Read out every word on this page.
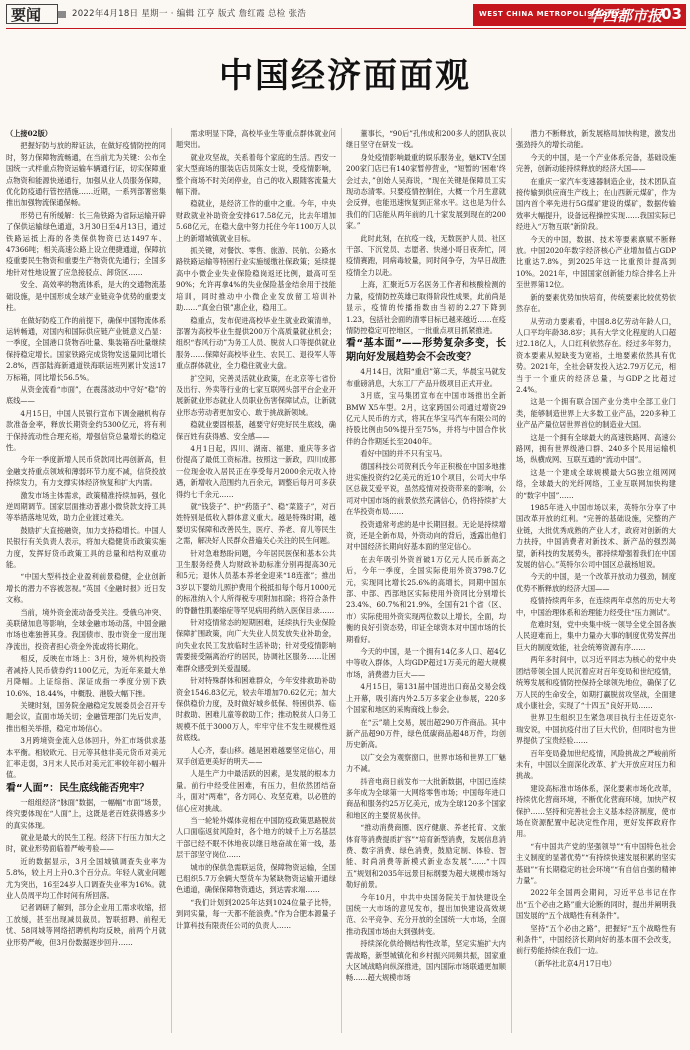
要闻	2022年4月18日 星期一 · 编辑 江亨 版式 詹红霞 总检 张浩	WEST CHINA METROPOLIS DAILY
华西都市报 03
中国经济面面观

（上接02版）

把握好防与放的辩证法，在做好疫情防控的同时，努力保障物流畅通，在当前尤为关键：公布全国统一式样重点物资运输车辆通行证，切实保障重点物资和能源快递通行，加强从业人员服务保障，优化防疫通行管控措施……近期，一系列部署密集推出加强物流保通保畅。

形势已有所缓解：长三角铁路为省际运输开辟了保供运输绿色通道，3月30日至4月13日，通过铁路运抵上海的各类保供物资已达1497车、47366吨；相关高速公路上设立便捷通道，保障抗疫重要民生物资和重要生产物资优先通行；全国多地针对性地设置了应急接驳点、卸货区……

安全、高效率的物流体系，是大的交通物流基础设施，是中国形成全球产业链竞争优势的重要支柱。

在做好防疫工作的前提下，确保中国物流体系运转畅通，对国内和国际供应链产业链意义凸显：一季度，全国港口货物吞吐量、集装箱吞吐量继续保持稳定增长。国家铁路完成货物发送量同比增长2.8%，西部陆海新通道铁海联运班列累计发送17万标箱，同比增长56.5%。

从资金流看“市面”，在震荡波动中守好“稳”的底线——

4月15日，中国人民银行宣布下调金融机构存款准备金率，释放长期资金约5300亿元，将有利于保持流动性合理充裕，增强信贷总量增长的稳定性。

今年一季度新增人民币贷款同比再创新高，但金融支持重点领域和薄弱环节力度不减，信贷投放持续发力，有力支撑实体经济恢复和扩大内需。

激发市场主体需求，政策精准持续加码，强化逆周期调节。国家层面推动普惠小微贷款支持工具等举措落地见效，助力企业渡过难关。

鼓励扩大直接融资，加力支持稳增长。中国人民银行有关负责人表示，将加大稳健货币政策实施力度，发挥好货币政策工具的总量和结构双重功能。

“中国大型科技企业盈利前景稳健，企业创新增长的潜力不容被忽视。”英国《金融时报》近日发文称。

当前，境外资金流动备受关注。受俄乌冲突、美联储加息等影响，全球金融市场动荡，中国金融市场也难独善其身。我国债市、股市资金一度出现净流出，投资者担心资金外流或将长期化。

相反，反映在市场上：3月份，境外机构投资者减持人民币债券约1100亿元，为近年来最大单月降幅。上证综指、深证成指一季度分别下跌10.6%、18.44%，中概股、港股大幅下挫。

关键时刻，国务院金融稳定发展委员会召开专题会议，直面市场关切；金融管理部门先后发声，推出相关举措，稳定市场信心。

3月跨境资金流入总体回升，外汇市场供求基本平衡。相较欧元、日元等其他非美元货币对美元汇率走弱，3月末人民币对美元汇率较年初小幅升值。

看“人面”：民生底线能否兜牢？

一组组经济“脉面”数据，一幅幅“市面”场景，终究要体现在“人面”上，这既是老百姓获得感多少的真实体现。

就业是最大的民生工程。经济下行压力加大之时，就业形势面临着严峻考验——

近的数据显示，3月全国城镇调查失业率为5.8%，较上月上升0.3个百分点。年轻人就业问题尤为突出，16至24岁人口调查失业率为16%。就业人员周平均工作时间有所回落。

记者调研了解到，部分企业用工需求收缩，招工放缓，甚至出现减员裁员。智联招聘、前程无忧、58同城等网络招聘机构均反映，前两个月就业形势严峻，但3月份数据逐步回升……

需求明显下降，高校毕业生等重点群体就业问题突出。

就业攻坚战，关系着每个家庭的生活。西安一家大型商场的服装店店员陈女士说，受疫情影响，整个商场不时关闭停业，自己的收入跟随客流量大幅下滑。

稳就业，是经济工作的重中之重。今年，中央财政就业补助资金安排617.58亿元，比去年增加5.68亿元，在稳大盘中努力托住今年1100万人以上的新增城镇就业目标。

抓关键，对餐饮、零售、旅游、民航、公路水路铁路运输等特困行业实施缓缴社保政策；延续提高中小微企业失业保险稳岗返还比例，最高可至90%；允许再拿4%的失业保险基金结余用于技能培训，同时推动中小微企业发放留工培训补助……“真金白银”惠企业，稳用工。

稳重点，发布促进高校毕业生就业政策清单，部署为高校毕业生提供200万个高质量就业机会；组织“春风行动”为务工人员、脱贫人口等提供就业服务……保障好高校毕业生、农民工、退役军人等重点群体就业，全力稳住就业大盘。

扩空间，完善灵活就业政策，在北京等七省份及出行、外卖等行业的七家互联网头部平台企业开展新就业形态就业人员职业伤害保障试点，让新就业形态劳动者更加安心、敢于挑战新领域。

稳就业要固根基，越要守好兜好民生底线，确保百姓有获得感、安全感——

4月1日起，四川、湖南、福建、重庆等多省份提高了最低工资标准。按照这一新政，四川成都一位现金收入居民正在享受每月2000余元收入待遇，新增收入范围约九百余元，调整后每月可多获得约七千余元……

就“钱袋子”、护“药篮子”、稳“菜篮子”，对百姓特别是低收入群体意义重大。越是特殊时期，越要切实保障和改善民生，医疗、养老、育儿等民生之需，解决好人民群众普遍关心关注的民生问题。

针对急难愁盼问题，今年居民医保和基本公共卫生服务经费人均财政补助标准分别再提高30元和5元；退休人员基本养老金迎来“18连涨”；推出3岁以下婴幼儿照护费用个税抵扣每个每月1000元的标准纳入个人所得税专项附加扣除；将符合条件的脊髓性肌萎缩症等罕见病用药纳入医保目录……

针对疫情常态的短期困难，延续执行失业保险保障扩围政策，向广大失业人员发放失业补助金，向失业农民工发放临时生活补助；针对受疫情影响需要接受隔离治疗的居民，协调社区服务……让困难群众感受到关爱温暖。

针对特殊群体和困难群众，今年安排救助补助资金1546.83亿元，较去年增加70.62亿元；加大保供稳价力度，及时做好城乡低保、特困供养、临时救助、困难儿童等救助工作；推动脱贫人口务工规模不低于3000万人，牢牢守住不发生规模性返贫底线。

人心齐，泰山移。越是困难越要坚定信心，用双手创造更美好的明天——

人是生产力中最活跃的因素，是发展的根本力量。前行中经受住困难，有压力，但依然团结奋斗，面对“两难”，各方同心、攻坚克难，以必胜的信心应对挑战。

当一轮轮外媒体竞相在中国防疫政策思路脱贫人口面临返贫风险时，各个地方的城千上万名基层干部已经不眠不休地夜以继日地奋战在第一线，基层干部坚守岗位……

城市的保供急需联运货，保障物资运输，全国已组织5.7万余辆大型货车为紧缺物资运输开通绿色通道，确保保障物资通达，到达需求端……

“我们计划到2025年达到1024位量子比特，到同实量，每一天都不能浪费。”作为合肥本源量子计算科技有限责任公司的负责人……

董事长，“90后”孔伟成和200多人的团队夜以继日坚守在研发一线。

身处疫情影响最重的娱乐服务业，魅KTV全国200家门店已有140家暂停营业，“短暂的‘困难’终会过去，”创始人吴海说，“现在关键是保障员工实现动态清零。只要疫情控制住，大概一个月生意就会反弹，也能迅速恢复到正常水平。这也是为什么我们的门店能从两年前的几十家发展到现在的200家。”

此时此刻，在抗疫一线，无数医护人员、社区干部、下沉党员、志愿者、快递小哥日夜奔忙，同疫情赛跑，同病毒较量，同时间争夺，为早日战胜疫情全力以赴。

上海，汇聚近5万名医务工作者和核酸检测的力量，疫情防控英雄已取得阶段性成果，此前尚是显示，疫情的传播指数由当初的2.27下降到1.23，包括社会面的清零目标已越来越近……在疫情防控稳定可控地区，一批重点项目抓紧推进。

看“基本面”——形势复杂多变，长期向好发展趋势会不会改变？

4月14日，沈阳“重启”第二天，华晨宝马就发布重磅消息，大东工厂产品升级项目正式开业。

3月底，宝马集团宣布在中国市场推出全新BMW X5车型。2月，这家跨国公司通过增资29亿元人民币的方式，将其在华宝马汽车有限公司的持股比例由50%提升至75%，并将与中国合作伙伴的合作期延长至2040年。

看好中国的并不只有宝马。

德国科技公司贺利氏今年正积极在中国多地推进实施投资约2亿美元的近10个项目，公司大中华区总裁艾爱平说，虽然疫情对投资带来的影响，公司对中国市场的前景依然充满信心，仍将持续扩大在华投资布局……

投资通常考虑的是中长期回报。无论是持续增资，还是全新布局，外资动向的背后，透露出他们对中国经济长期向好基本面的坚定信心。

在去年吸引外资首破1万亿元人民币新高之后，今年一季度，全国实际使用外资3798.7亿元，实现同比增长25.6%的高增长，同期中国东部、中部、西部地区实际使用外资同比分别增长23.4%、60.7%和21.9%，全国有21个省（区、市）实际使用外资实现两位数以上增长，全面，均衡的良好引资态势，印证全球资本对中国市场的长期看好。

今天的中国，是一个拥有14亿多人口、超4亿中等收入群体，人均GDP超过1万美元的超大规模市场，消费潜力巨大——

4月15日，第131届中国进出口商品交易会线上开幕，吸引海内外2.5万多家企业参展，220多个国家和地区的采购商线上参会。

在“云”端上交易，展出超290万件商品。其中新产品超90万件，绿色低碳商品超48万件，均创历史新高。

以广交会为观察窗口，世界市场和世界工厂魅力不减。

抖音电商日前发布一大批新数据，中国已连续多年成为全球第一大网络零售市场；中国每年进口商品和服务约25万亿美元，成为全球120多个国家和地区的主要贸易伙伴。

“推动消费商圈、医疗健康、养老托育、文旅体育等消费提质扩容”“培育新型消费，发展信息消费、数字消费、绿色消费，鼓励定制、体验、智能、时尚消费等新模式新业态发展”……“十四五”规划和2035年远景目标纲要为超大规模市场勾勒好前景。

今年10月，中共中央国务院关于加快建设全国统一大市场的意见发布，提出加快建设高效规范、公平竞争、充分开放的全国统一大市场，全面推动我国市场由大到强转变。

持续深化供给侧结构性改革，坚定实施扩大内需战略，新型城镇化和乡村振兴同频共振，国家重大区域战略向纵深推进，国内国际市场联通更加顺畅……超大规模市场

潜力不断释放，新发展格局加快构建，激发出强劲持久的增长动能。

今天的中国，是一个产业体系完备，基础设施完善，创新动能持续释放的经济大国——

在重庆一家汽车变速器制造企业，技术团队直接传输到供应商生产线上；在山西新元煤矿，作为国内首个率先进行5G煤矿建设的煤矿，数据传输效率大幅提升，设备远程操控实现……我国实际已经进入“万物互联”新阶段。

今天的中国，数据、技术等要素禀赋不断释放。中国2020年数字经济核心产业增加值占GDP比重达7.8%，到2025年这一比重预计提高到10%。2021年，中国国家创新能力综合排名上升至世界第12位。

新的要素优势加快培育，传统要素比较优势依然存在。

从劳动力要素看，中国8.8亿劳动年龄人口，人口平均年龄38.8岁；具有大学文化程度的人口超过2.18亿人，人口红利依然存在。经过多年努力，资本要素从短缺变为宽裕，土地要素依然具有优势。2021年，全社会研发投入达2.79万亿元，相当于一个重庆的经济总量，与GDP之比超过2.4%。

这是一个拥有联合国产业分类中全部工业门类，能够制造世界上大多数工业产品，220多种工业产品产量位居世界首位的制造业大国。

这是一个拥有全球最大的高速铁路网、高速公路网，拥有世界级港口群、240多个民用运输机场，纵横成网、互联互通的“流动中国”。

这是一个建成全球规模最大5G独立组网网络，全球最大的光纤网络，工业互联网加快构建的“数字中国”……

1985年进入中国市场以来，英特尔分享了中国改革开放的红利。“完善的基础设施，完整的产业链，大批优秀成熟的产业人才，政府对创新的大力扶持，中国消费者对新技术、新产品的强烈渴望，新科技的发展势头，都持续增强着我们在中国发展的信心。”英特尔公司中国区总裁杨旭说。

今天的中国，是一个改革开放动力强劲，制度优势不断释放的经济大国——

疫情持续两年多，在连续两年卓然的历史大考中，中国治理体系和治理能力经受住“压力测试”。

危难时刻，党中央集中统一领导全党全国各族人民迎难而上，集中力量办大事的制度优势发挥出巨大的制度效能，社会统筹资源有序……

两年多时间中，以习近平同志为核心的党中央团结带领全国人民沉着应对百年变局和世纪疫情，统筹发展和疫情防控保持全球领先地位，确保了亿万人民的生命安全，如期打赢脱贫攻坚战，全面建成小康社会，实现了“十四五”良好开局……

世界卫生组织卫生紧急项目执行主任迈克尔·瑞安说，中国抗疫付出了巨大代价，但同时也为世界提供了宝贵经验……

百年变局叠加世纪疫情，风险挑战之严峻前所未有，中国以全面深化改革、扩大开放应对压力和挑战。

建设高标准市场体系，深化要素市场化改革，持续优化营商环境，不断优化营商环境，加快产权保护……坚持和完善社会主义基本经济制度，使市场在资源配置中起决定性作用，更好发挥政府作用。

“有中国共产党的坚强领导”“有中国特色社会主义制度的显著优势”“有持续快速发展积累的坚实基础”“有长期稳定的社会环境”“有自信自强的精神力量”。

2022年全国两会期间，习近平总书记在作出“五个必由之路”重大论断的同时，提出并阐明我国发展的“五个战略性有利条件”。

坚持“五个必由之路”，把握好“五个战略性有利条件”，中国经济长期向好的基本面不会改变，前行势能持续在我们一边。

（新华社北京4月17日电）
